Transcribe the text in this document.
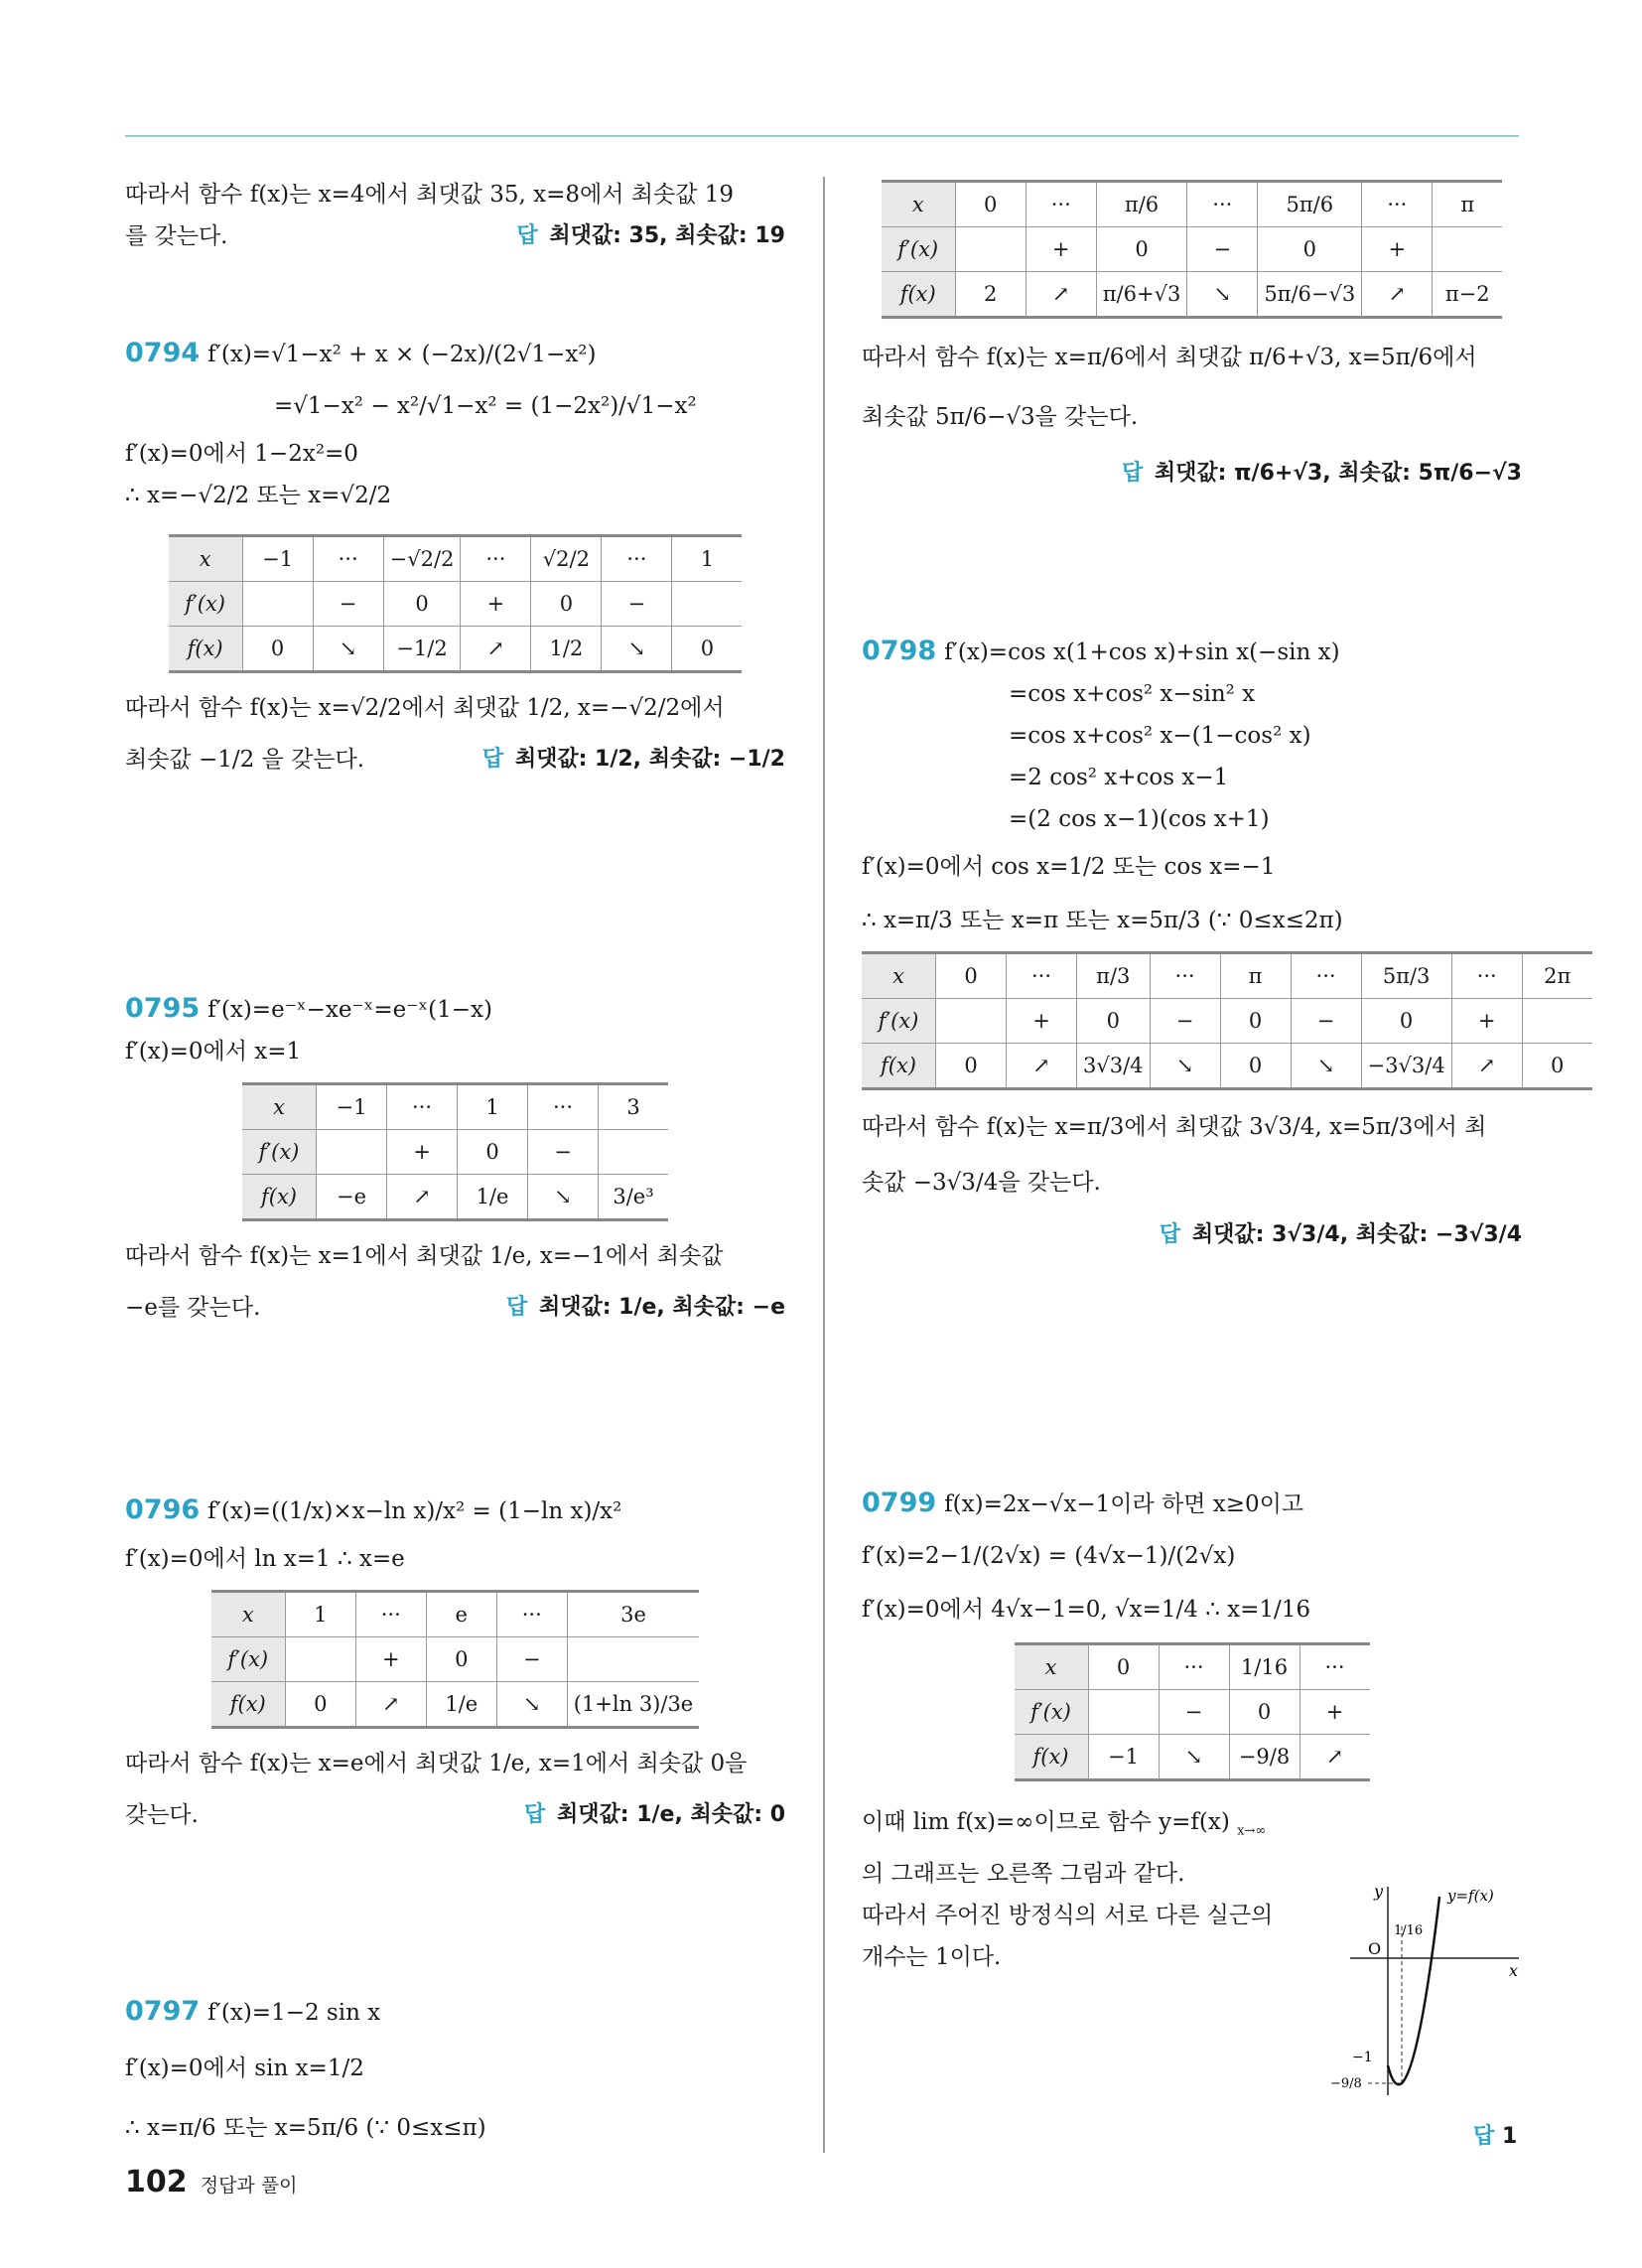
따라서 함수 f(x)는 x=4에서 최댓값 35, x=8에서 최솟값 19

를 갖는다.	답 최댓값: 35, 최솟값: 19

0794 f′(x)=√1−x² + x × (−2x)/(2√1−x²)

=√1−x² − x²/√1−x² = (1−2x²)/√1−x²

f′(x)=0에서 1−2x²=0

∴ x=−√2/2 또는 x=√2/2

x	−1	···	−√2/2	···	√2/2	···	1
f′(x)		−	0	+	0	−	
f(x)	0	↘	−1/2	↗	1/2	↘	0

따라서 함수 f(x)는 x=√2/2에서 최댓값 1/2, x=−√2/2에서

최솟값 −1/2 을 갖는다.	답 최댓값: 1/2, 최솟값: −1/2

0795 f′(x)=e⁻ˣ−xe⁻ˣ=e⁻ˣ(1−x)

f′(x)=0에서 x=1

x	−1	···	1	···	3
f′(x)		+	0	−	
f(x)	−e	↗	1/e	↘	3/e³

따라서 함수 f(x)는 x=1에서 최댓값 1/e, x=−1에서 최솟값

−e를 갖는다.	답 최댓값: 1/e, 최솟값: −e

0796 f′(x)=((1/x)×x−ln x)/x² = (1−ln x)/x²

f′(x)=0에서 ln x=1 ∴ x=e

x	1	···	e	···	3e
f′(x)		+	0	−	
f(x)	0	↗	1/e	↘	(1+ln 3)/3e

따라서 함수 f(x)는 x=e에서 최댓값 1/e, x=1에서 최솟값 0을

갖는다.	답 최댓값: 1/e, 최솟값: 0

0797 f′(x)=1−2 sin x

f′(x)=0에서 sin x=1/2

∴ x=π/6 또는 x=5π/6 (∵ 0≤x≤π)

x	0	···	π/6	···	5π/6	···	π
f′(x)		+	0	−	0	+	
f(x)	2	↗	π/6+√3	↘	5π/6−√3	↗	π−2

따라서 함수 f(x)는 x=π/6에서 최댓값 π/6+√3, x=5π/6에서

최솟값 5π/6−√3을 갖는다.

답 최댓값: π/6+√3, 최솟값: 5π/6−√3

0798 f′(x)=cos x(1+cos x)+sin x(−sin x)

=cos x+cos² x−sin² x

=cos x+cos² x−(1−cos² x)

=2 cos² x+cos x−1

=(2 cos x−1)(cos x+1)

f′(x)=0에서 cos x=1/2 또는 cos x=−1

∴ x=π/3 또는 x=π 또는 x=5π/3 (∵ 0≤x≤2π)

x	0	···	π/3	···	π	···	5π/3	···	2π
f′(x)		+	0	−	0	−	0	+	
f(x)	0	↗	3√3/4	↘	0	↘	−3√3/4	↗	0

따라서 함수 f(x)는 x=π/3에서 최댓값 3√3/4, x=5π/3에서 최

솟값 −3√3/4을 갖는다.

답 최댓값: 3√3/4, 최솟값: −3√3/4

0799 f(x)=2x−√x−1이라 하면 x≥0이고

f′(x)=2−1/(2√x) = (4√x−1)/(2√x)

f′(x)=0에서 4√x−1=0, √x=1/4 ∴ x=1/16

x	0	···	1/16	···
f′(x)		−	0	+
f(x)	−1	↘	−9/8	↗

이때 lim f(x)=∞이므로 함수 y=f(x) $_{x\to\infty}$

의 그래프는 오른쪽 그림과 같다.

따라서 주어진 방정식의 서로 다른 실근의

개수는 1이다.

y
x
O
y=f(x)
1/16
−1
−9/8
답 1
102 정답과 풀이
